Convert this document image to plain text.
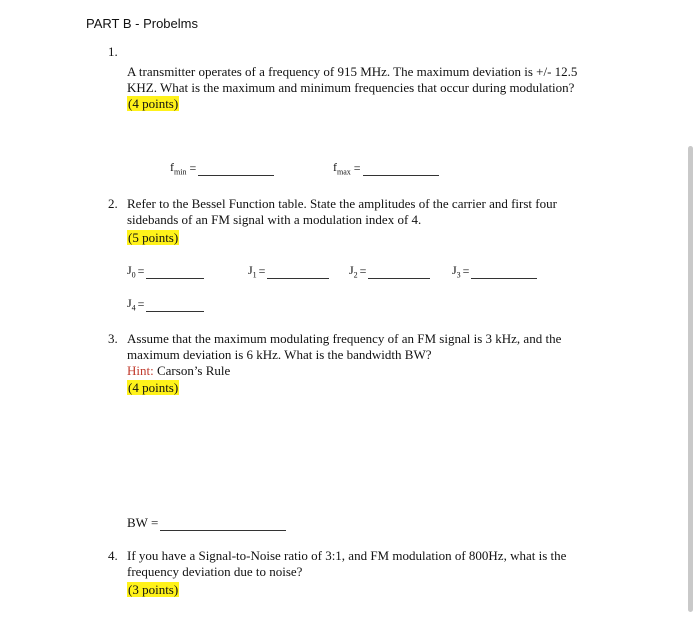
PART B - Probelms
1.
A transmitter operates of a frequency of 915 MHz. The maximum deviation is +/- 12.5
KHZ. What is the maximum and minimum frequencies that occur during modulation?
(4 points)
$f_{min}$ =	$f_{max}$ =
2. Refer to the Bessel Function table. State the amplitudes of the carrier and first four
sidebands of an FM signal with a modulation index of 4.
(5 points)
$J_0$ =	$J_1$ =	$J_2$ =	$J_3$ =
$J_4$ =
3. Assume that the maximum modulating frequency of an FM signal is 3 kHz, and the
maximum deviation is 6 kHz. What is the bandwidth BW?
Hint: Carson’s Rule
(4 points)
BW =
4. If you have a Signal-to-Noise ratio of 3:1, and FM modulation of 800Hz, what is the
frequency deviation due to noise?
(3 points)
